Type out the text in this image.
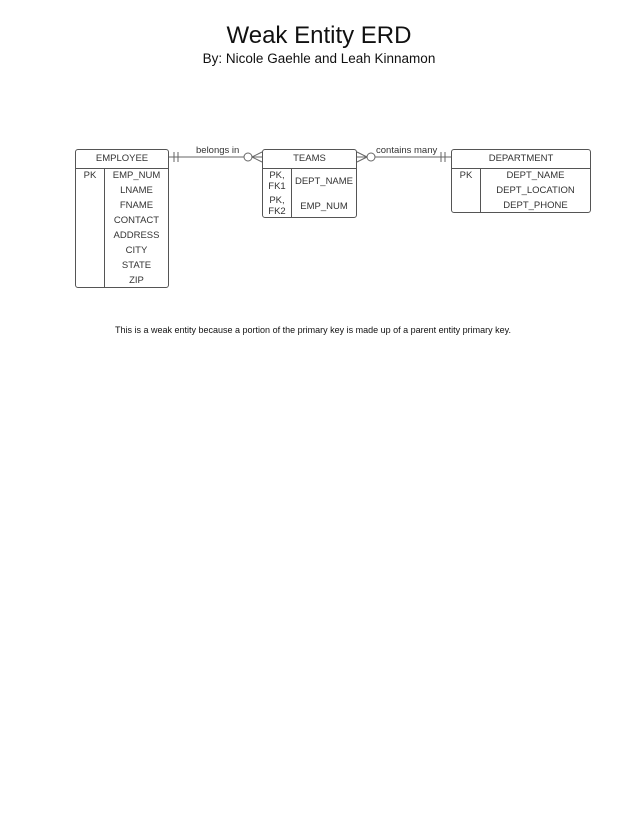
Weak Entity ERD
By: Nicole Gaehle and Leah Kinnamon
belongs in	contains many
EMPLOYEE
PK	EMP_NUM
LNAME
FNAME
CONTACT
ADDRESS
CITY
STATE
ZIP
TEAMS
PK,
FK1 DEPT_NAME
PK,
FK2	EMP_NUM
DEPARTMENT
PK	DEPT_NAME
DEPT_LOCATION
DEPT_PHONE
This is a weak entity because a portion of the primary key is made up of a parent entity primary key.
